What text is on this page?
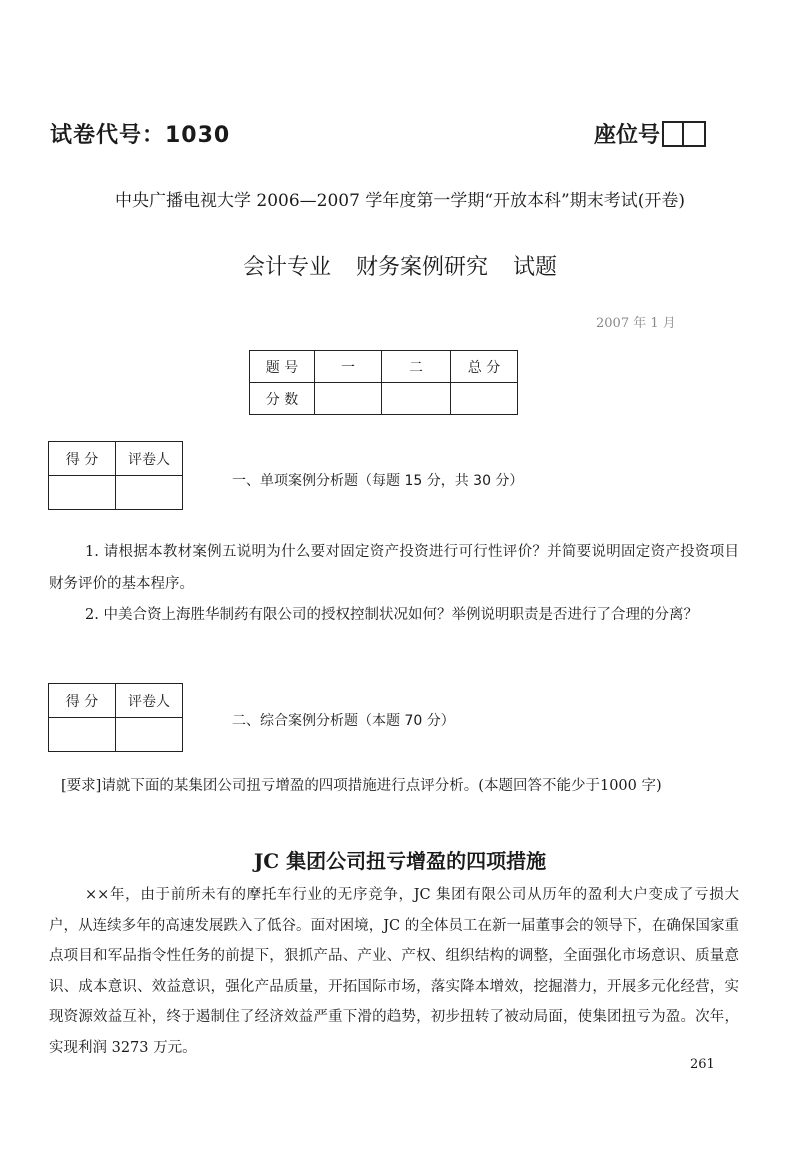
试卷代号：1030	座位号
中央广播电视大学 2006—2007 学年度第一学期“开放本科”期末考试(开卷)
会计专业 财务案例研究 试题
2007 年 1 月
题 号	一	二	总 分
分 数			
得 分	评卷人

一、单项案例分析题（每题 15 分，共 30 分）
1. 请根据本教材案例五说明为什么要对固定资产投资进行可行性评价？并简要说明固定资产投资项目财务评价的基本程序。
2. 中美合资上海胜华制药有限公司的授权控制状况如何？举例说明职责是否进行了合理的分离？
得 分	评卷人

二、综合案例分析题（本题 70 分）
[要求]请就下面的某集团公司扭亏增盈的四项措施进行点评分析。(本题回答不能少于1000 字)
JC 集团公司扭亏增盈的四项措施
××年，由于前所未有的摩托车行业的无序竞争，JC 集团有限公司从历年的盈利大户变成了亏损大户，从连续多年的高速发展跌入了低谷。面对困境，JC 的全体员工在新一届董事会的领导下，在确保国家重点项目和军品指令性任务的前提下，狠抓产品、产业、产权、组织结构的调整，全面强化市场意识、质量意识、成本意识、效益意识，强化产品质量，开拓国际市场，落实降本增效，挖掘潜力，开展多元化经营，实现资源效益互补，终于遏制住了经济效益严重下滑的趋势，初步扭转了被动局面，使集团扭亏为盈。次年，实现利润 3273 万元。
261
